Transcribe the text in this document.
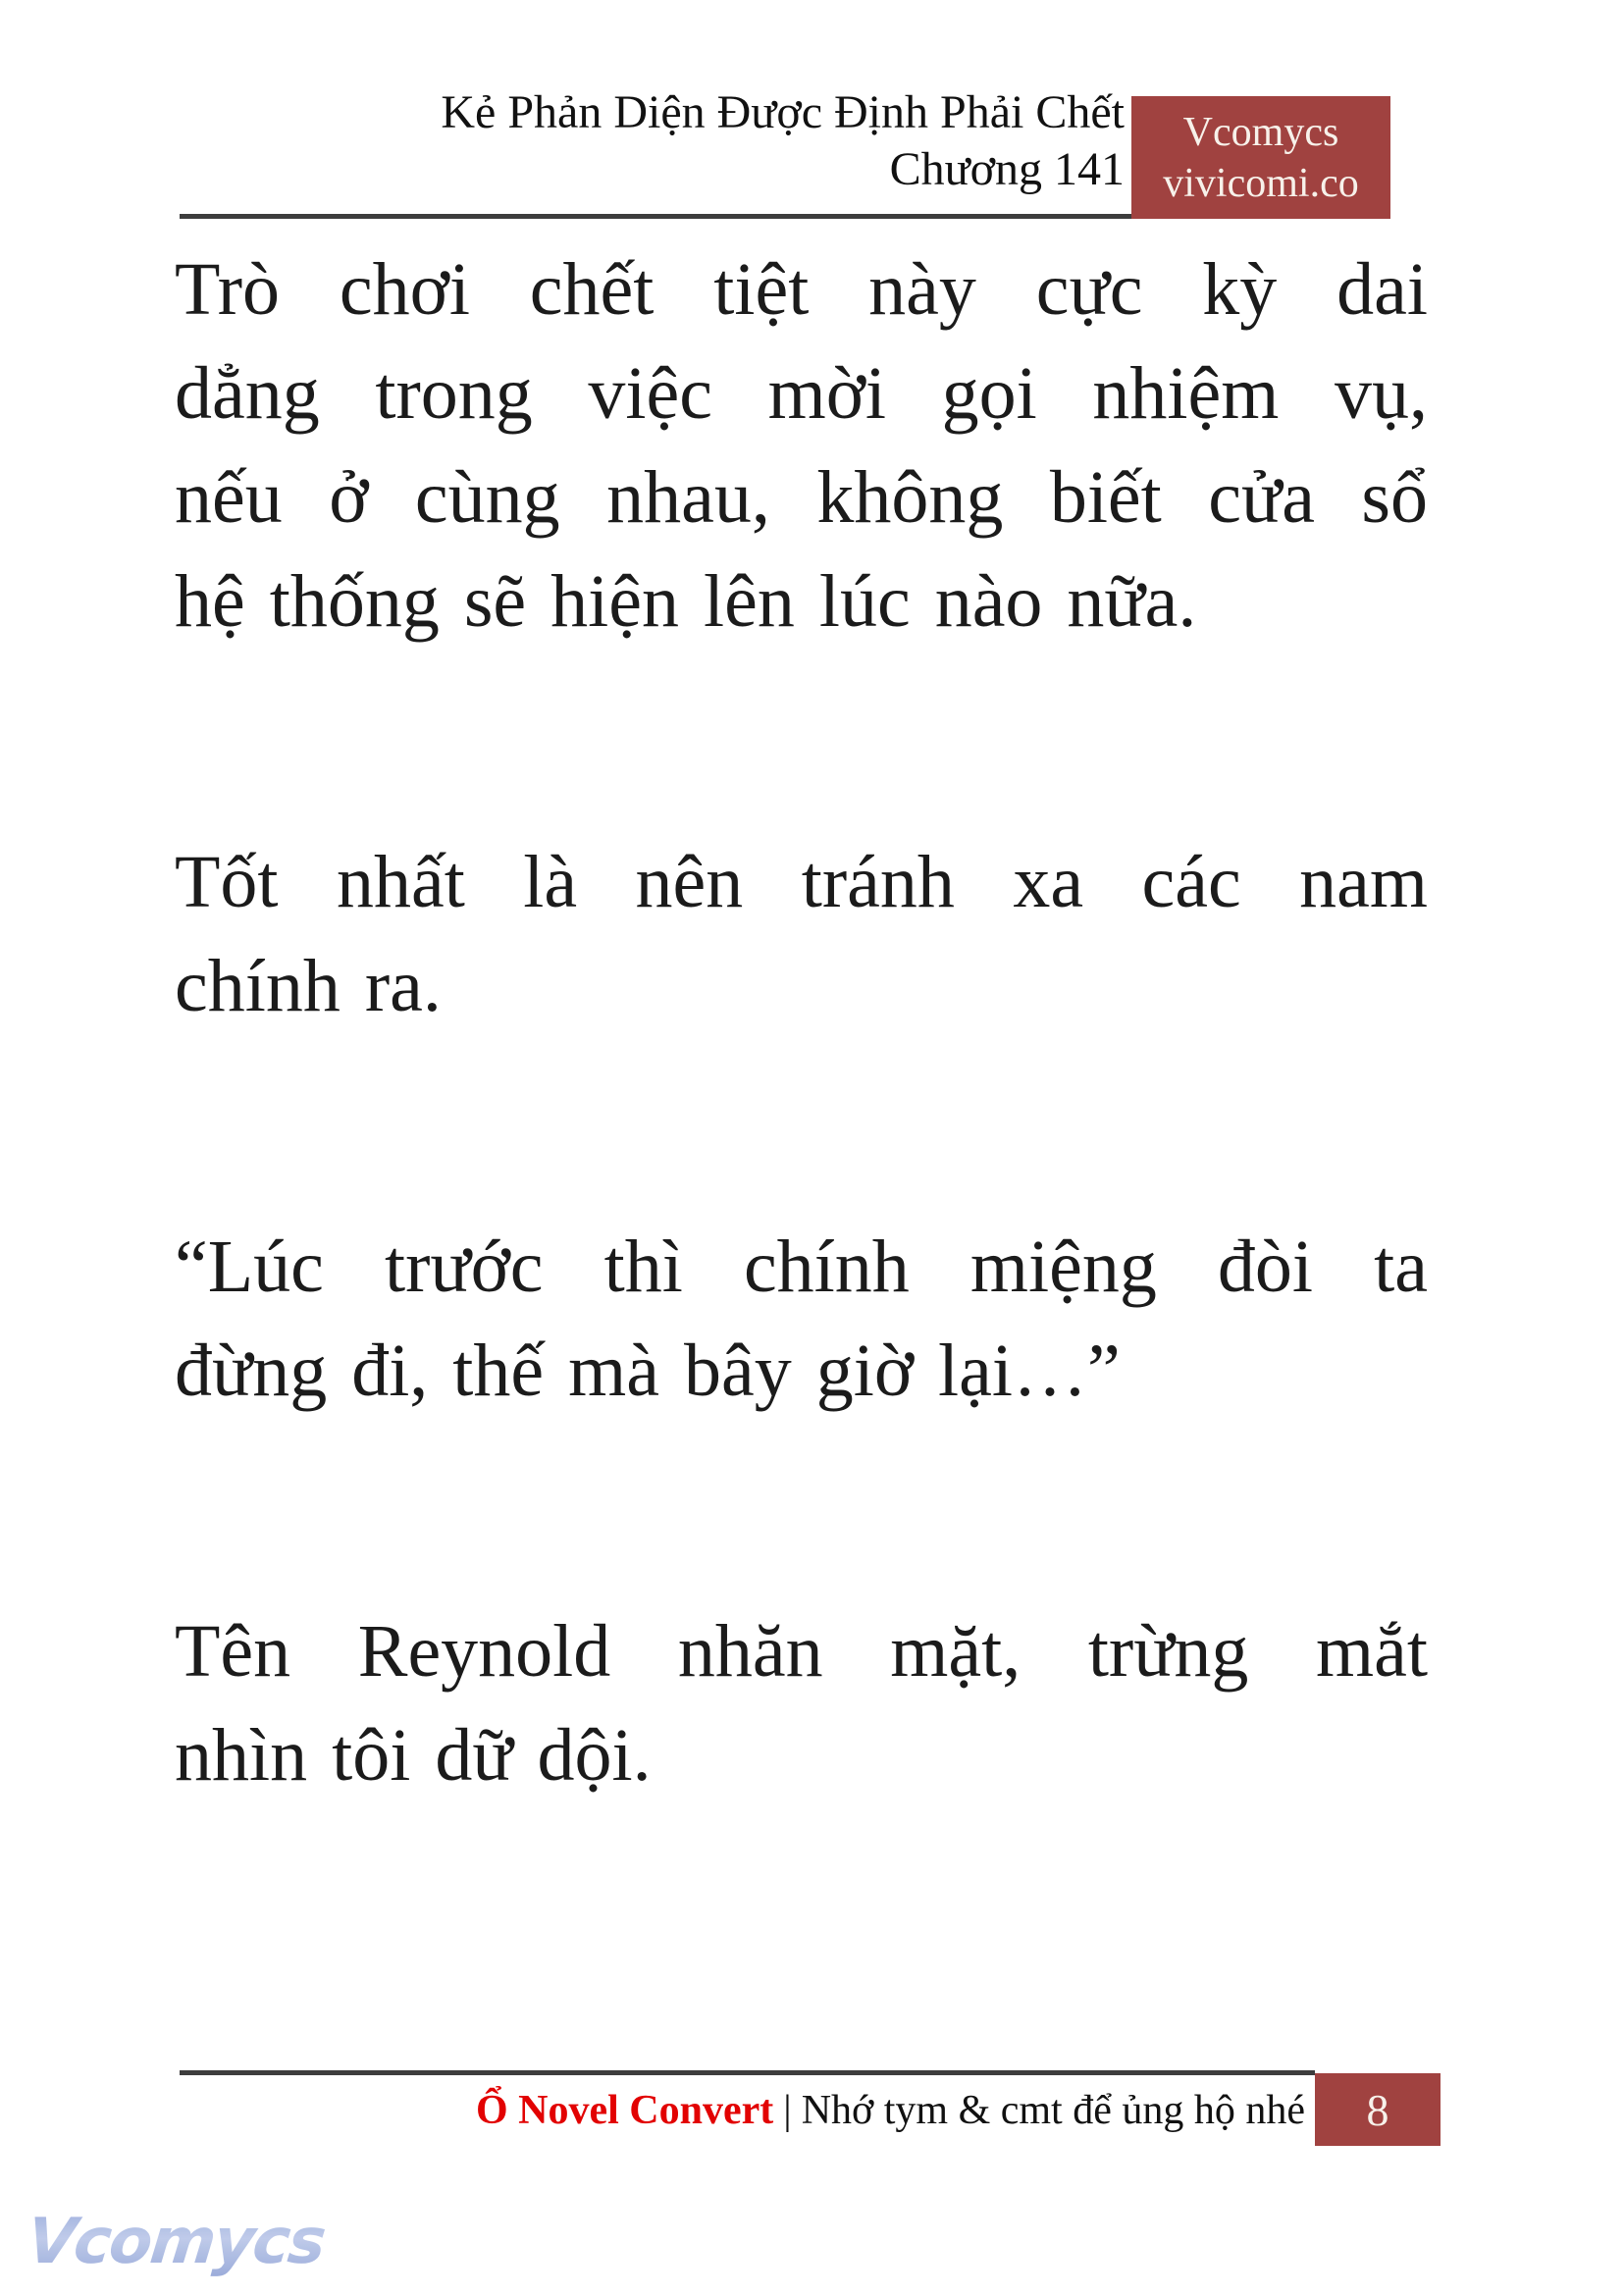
Kẻ Phản Diện Được Định Phải Chết
Chương 141
Vcomycs
vivicomi.co
Trò chơi chết tiệt này cực kỳ dai
dẳng trong việc mời gọi nhiệm vụ,
nếu ở cùng nhau, không biết cửa sổ
hệ thống sẽ hiện lên lúc nào nữa.
Tốt nhất là nên tránh xa các nam
chính ra.
“Lúc trước thì chính miệng đòi ta
đừng đi, thế mà bây giờ lại…”
Tên Reynold nhăn mặt, trừng mắt
nhìn tôi dữ dội.
Ổ Novel Convert | Nhớ tym & cmt để ủng hộ nhé 8
Vcomycs
